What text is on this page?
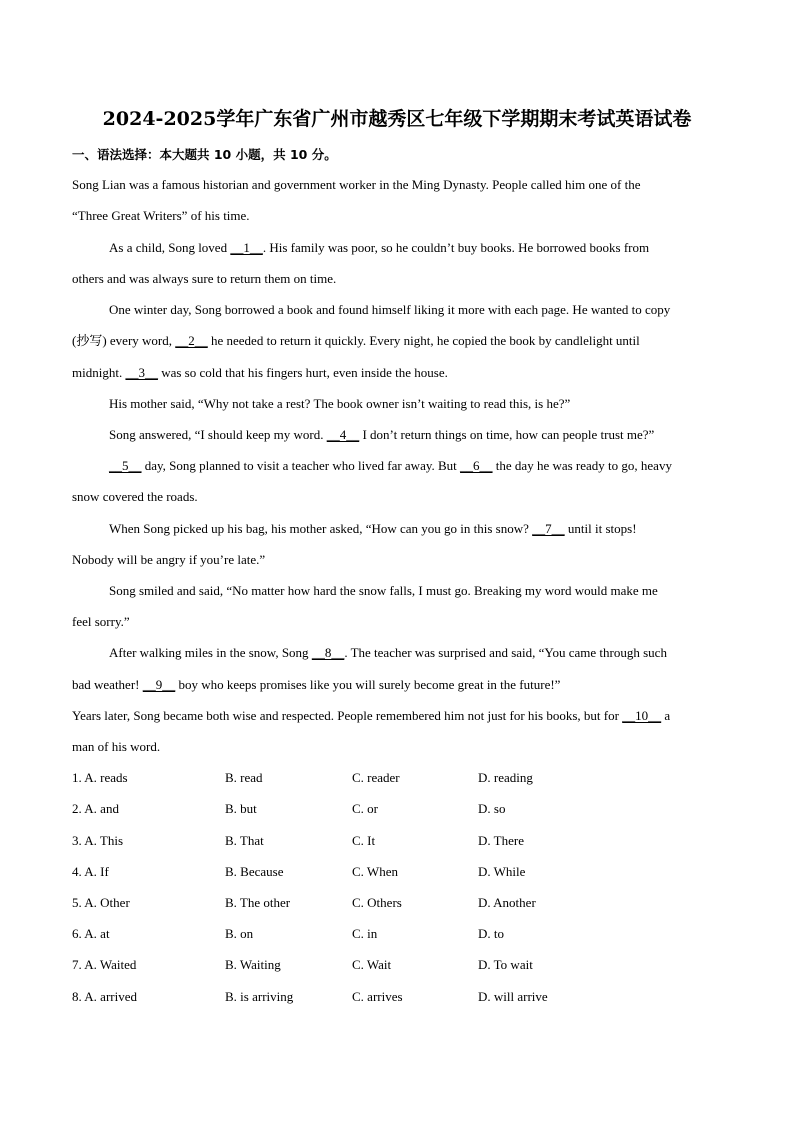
2024-2025学年广东省广州市越秀区七年级下学期期末考试英语试卷
一、语法选择：本大题共 10 小题，共 10 分。
Song Lian was a famous historian and government worker in the Ming Dynasty. People called him one of the
“Three Great Writers” of his time.
As a child, Song loved __1__. His family was poor, so he couldn’t buy books. He borrowed books from
others and was always sure to return them on time.
One winter day, Song borrowed a book and found himself liking it more with each page. He wanted to copy
(抄写) every word, __2__ he needed to return it quickly. Every night, he copied the book by candlelight until
midnight. __3__ was so cold that his fingers hurt, even inside the house.
His mother said, “Why not take a rest? The book owner isn’t waiting to read this, is he?”
Song answered, “I should keep my word. __4__ I don’t return things on time, how can people trust me?”
__5__ day, Song planned to visit a teacher who lived far away. But __6__ the day he was ready to go, heavy
snow covered the roads.
When Song picked up his bag, his mother asked, “How can you go in this snow? __7__ until it stops!
Nobody will be angry if you’re late.”
Song smiled and said, “No matter how hard the snow falls, I must go. Breaking my word would make me
feel sorry.”
After walking miles in the snow, Song __8__. The teacher was surprised and said, “You came through such
bad weather! __9__ boy who keeps promises like you will surely become great in the future!”
Years later, Song became both wise and respected. People remembered him not just for his books, but for __10__ a
man of his word.
1. A. reads	B. read	C. reader	D. reading
2. A. and	B. but	C. or	D. so
3. A. This	B. That	C. It	D. There
4. A. If	B. Because	C. When	D. While
5. A. Other	B. The other	C. Others	D. Another
6. A. at	B. on	C. in	D. to
7. A. Waited	B. Waiting	C. Wait	D. To wait
8. A. arrived	B. is arriving	C. arrives	D. will arrive
